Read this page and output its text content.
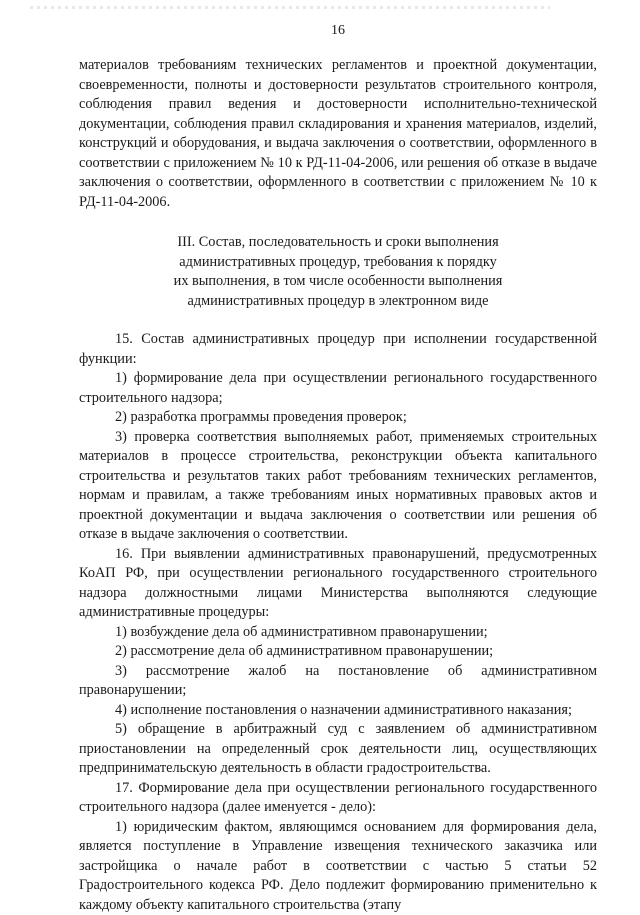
16

материалов требованиям технических регламентов и проектной документации, своевременности, полноты и достоверности результатов строительного контроля, соблюдения правил ведения и достоверности исполнительно-технической документации, соблюдения правил складирования и хранения материалов, изделий, конструкций и оборудования, и выдача заключения о соответствии, оформленного в соответствии с приложением № 10 к РД-11-04-2006, или решения об отказе в выдаче заключения о соответствии, оформленного в соответствии с приложением № 10 к РД-11-04-2006.

III. Состав, последовательность и сроки выполнения
административных процедур, требования к порядку
их выполнения, в том числе особенности выполнения
административных процедур в электронном виде

15. Состав административных процедур при исполнении государственной функции:

1) формирование дела при осуществлении регионального государственного строительного надзора;

2) разработка программы проведения проверок;

3) проверка соответствия выполняемых работ, применяемых строительных материалов в процессе строительства, реконструкции объекта капитального строительства и результатов таких работ требованиям технических регламентов, нормам и правилам, а также требованиям иных нормативных правовых актов и проектной документации и выдача заключения о соответствии или решения об отказе в выдаче заключения о соответствии.

16. При выявлении административных правонарушений, предусмотренных КоАП РФ, при осуществлении регионального государственного строительного надзора должностными лицами Министерства выполняются следующие административные процедуры:

1) возбуждение дела об административном правонарушении;

2) рассмотрение дела об административном правонарушении;

3) рассмотрение жалоб на постановление об административном правонарушении;

4) исполнение постановления о назначении административного наказания;

5) обращение в арбитражный суд с заявлением об административном приостановлении на определенный срок деятельности лиц, осуществляющих предпринимательскую деятельность в области градостроительства.

17. Формирование дела при осуществлении регионального государственного строительного надзора (далее именуется - дело):

1) юридическим фактом, являющимся основанием для формирования дела, является поступление в Управление извещения технического заказчика или застройщика о начале работ в соответствии с частью 5 статьи 52 Градостроительного кодекса РФ. Дело подлежит формированию применительно к каждому объекту капитального строительства (этапу
